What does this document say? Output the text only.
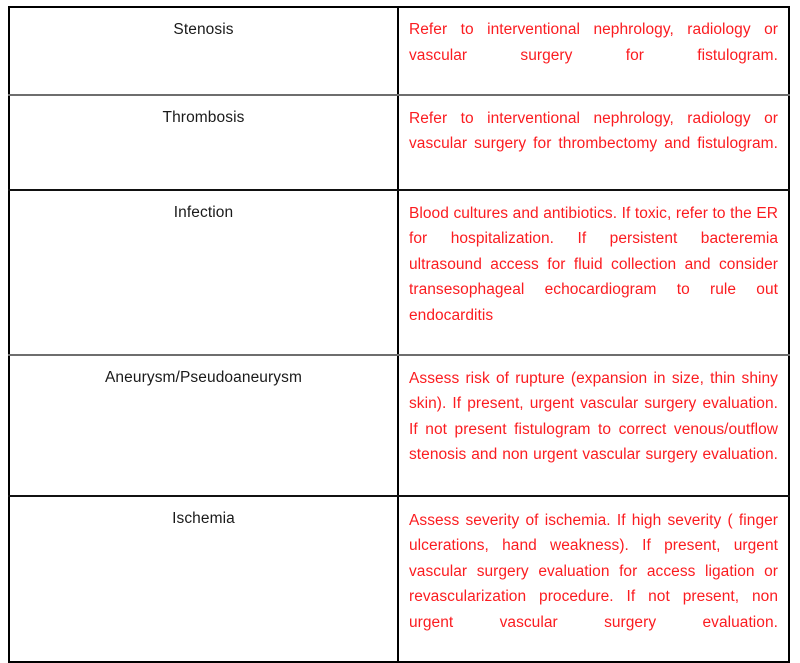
Stenosis	Refer to interventional nephrology, radiology or vascular surgery for fistulogram.

Thrombosis	Refer to interventional nephrology, radiology or vascular surgery for thrombectomy and fistulogram.

Infection	Blood cultures and antibiotics. If toxic, refer to the ER for hospitalization. If persistent bacteremia ultrasound access for fluid collection and consider transesophageal echocardiogram to rule out endocarditis

Aneurysm/Pseudoaneurysm	Assess risk of rupture (expansion in size, thin shiny skin). If present, urgent vascular surgery evaluation. If not present fistulogram to correct venous/outflow stenosis and non urgent vascular surgery evaluation.

Ischemia	Assess severity of ischemia. If high severity ( finger ulcerations, hand weakness). If present, urgent vascular surgery evaluation for access ligation or revascularization procedure. If not present, non urgent vascular surgery evaluation.
